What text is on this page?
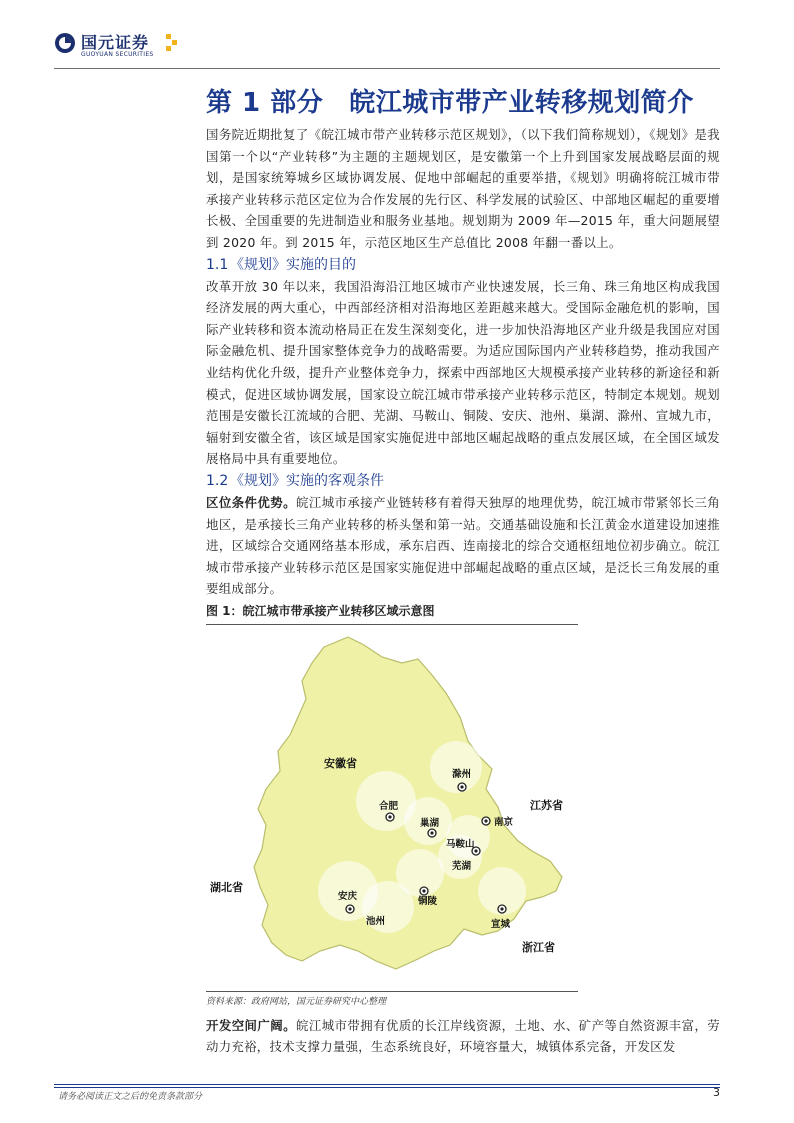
国元证券
GUOYUAN SECURITIES
第 1 部分 皖江城市带产业转移规划简介

国务院近期批复了《皖江城市带产业转移示范区规划》，（以下我们简称规划），《规划》是我国第一个以“产业转移”为主题的主题规划区，是安徽第一个上升到国家发展战略层面的规划，是国家统筹城乡区域协调发展、促地中部崛起的重要举措，《规划》明确将皖江城市带承接产业转移示范区定位为合作发展的先行区、科学发展的试验区、中部地区崛起的重要增长极、全国重要的先进制造业和服务业基地。规划期为 2009 年—2015 年，重大问题展望到 2020 年。到 2015 年，示范区地区生产总值比 2008 年翻一番以上。

1.1 《规划》实施的目的

改革开放 30 年以来，我国沿海沿江地区城市产业快速发展，长三角、珠三角地区构成我国经济发展的两大重心，中西部经济相对沿海地区差距越来越大。受国际金融危机的影响，国际产业转移和资本流动格局正在发生深刻变化，进一步加快沿海地区产业升级是我国应对国际金融危机、提升国家整体竞争力的战略需要。为适应国际国内产业转移趋势，推动我国产业结构优化升级，提升产业整体竞争力，探索中西部地区大规模承接产业转移的新途径和新模式，促进区域协调发展，国家设立皖江城市带承接产业转移示范区，特制定本规划。规划范围是安徽长江流域的合肥、芜湖、马鞍山、铜陵、安庆、池州、巢湖、滁州、宣城九市，辐射到安徽全省，该区域是国家实施促进中部地区崛起战略的重点发展区域，在全国区域发展格局中具有重要地位。

1.2 《规划》实施的客观条件

区位条件优势。皖江城市承接产业链转移有着得天独厚的地理优势，皖江城市带紧邻长三角地区，是承接长三角产业转移的桥头堡和第一站。交通基础设施和长江黄金水道建设加速推进，区域综合交通网络基本形成，承东启西、连南接北的综合交通枢纽地位初步确立。皖江城市带承接产业转移示范区是国家实施促进中部崛起战略的重点区域，是泛长三角发展的重要组成部分。

图 1：皖江城市带承接产业转移区域示意图
安徽省
江苏省
湖北省
浙江省
滁州
合肥
南京
巢湖
马鞍山
芜湖
安庆	铜陵
池州	宣城
资料来源：政府网站，国元证券研究中心整理

开发空间广阔。皖江城市带拥有优质的长江岸线资源，土地、水、矿产等自然资源丰富，劳动力充裕，技术支撑力量强，生态系统良好，环境容量大，城镇体系完备，开发区发

请务必阅读正文之后的免责条款部分	3
